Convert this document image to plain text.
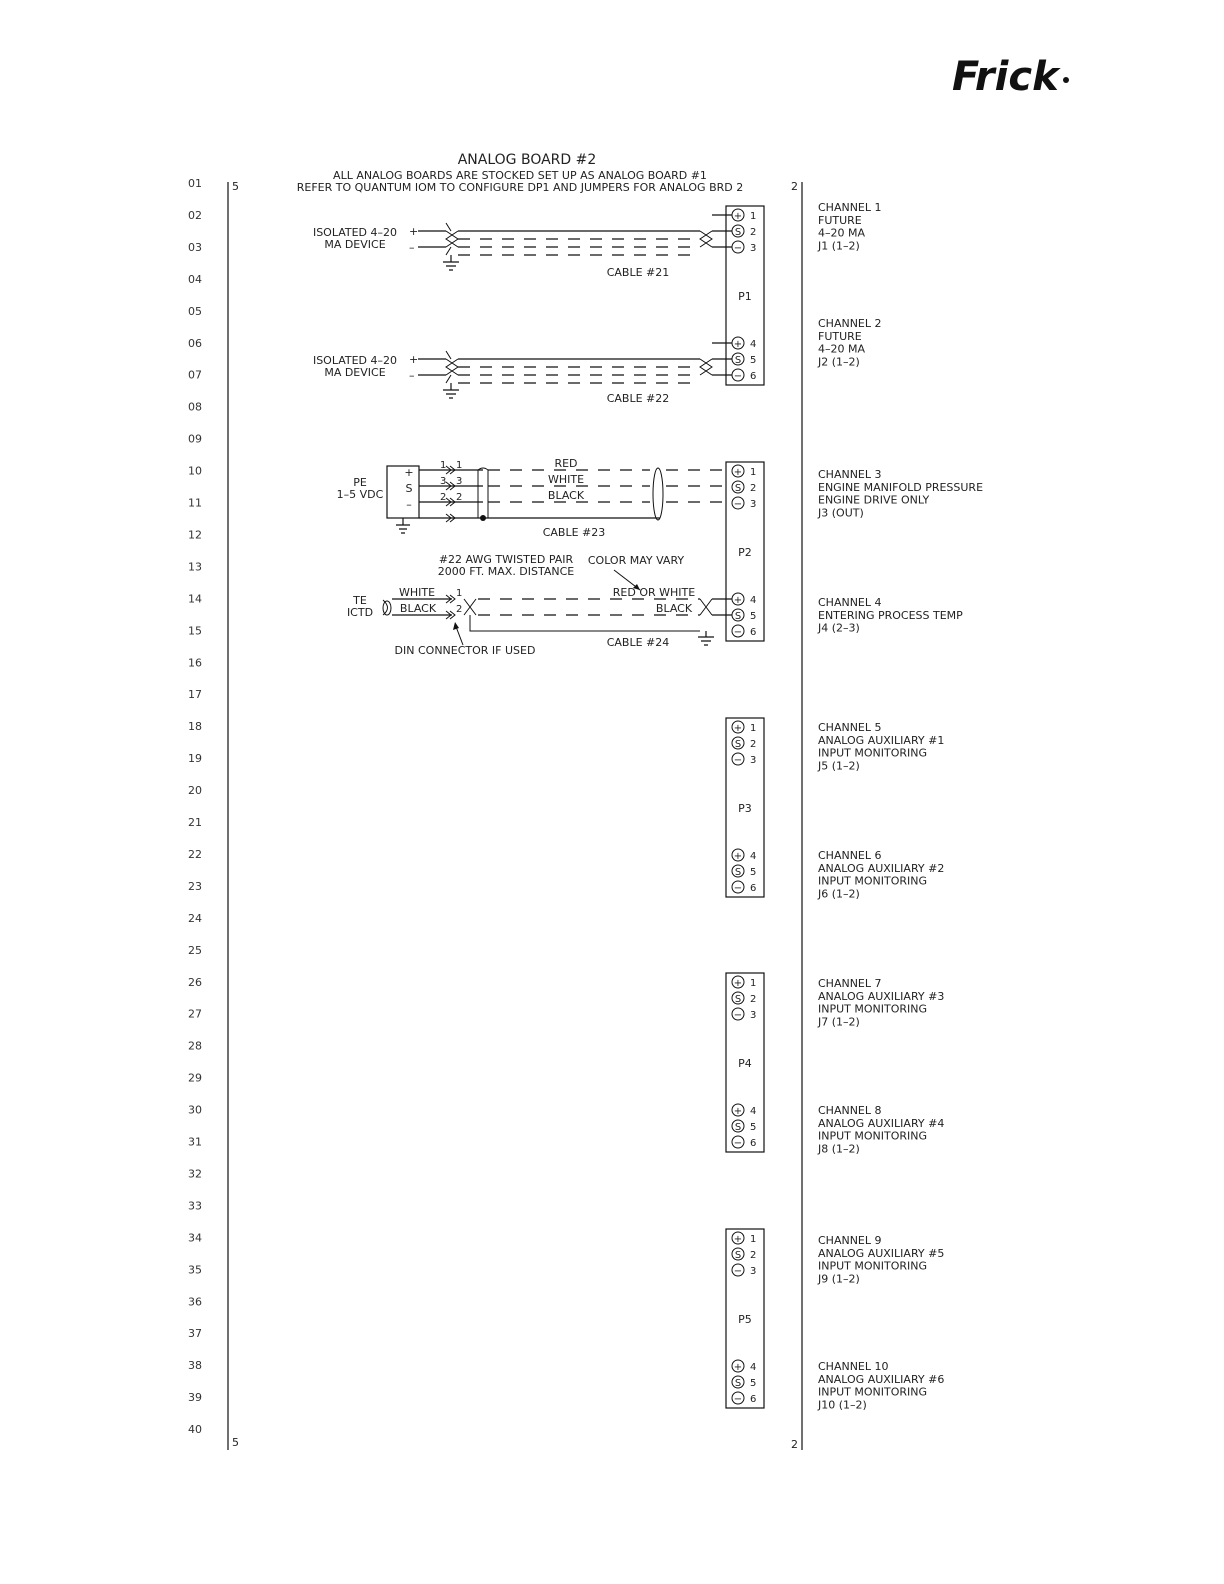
Frick
ANALOG BOARD #2
ALL ANALOG BOARDS ARE STOCKED SET UP AS ANALOG BOARD #1
REFER TO QUANTUM IOM TO CONFIGURE DP1 AND JUMPERS FOR ANALOG BRD 2
5
5
2
2
01
02
03
04
05
06
07
08
09
10
11
12
13
14
15
16
17
18
19
20
21
22
23
24
25
26
27
28
29
30
31
32
33
34
35
36
37
38
39
40
P1
+ 1
S 2
− 3
+ 4
S 5
− 6
P2
+ 1
S 2
− 3
+ 4
S 5
− 6
P3
+ 1
S 2
− 3
+ 4
S 5
− 6
P4
+ 1
S 2
− 3
+ 4
S 5
− 6
P5
+ 1
S 2
− 3
+ 4
S 5
− 6
CHANNEL 1
FUTURE
4–20 MA
J1 (1–2)
CHANNEL 2
FUTURE
4–20 MA
J2 (1–2)
CHANNEL 3
ENGINE MANIFOLD PRESSURE
ENGINE DRIVE ONLY
J3 (OUT)
CHANNEL 4
ENTERING PROCESS TEMP
J4 (2–3)
CHANNEL 5
ANALOG AUXILIARY #1
INPUT MONITORING
J5 (1–2)
CHANNEL 6
ANALOG AUXILIARY #2
INPUT MONITORING
J6 (1–2)
CHANNEL 7
ANALOG AUXILIARY #3
INPUT MONITORING
J7 (1–2)
CHANNEL 8
ANALOG AUXILIARY #4
INPUT MONITORING
J8 (1–2)
CHANNEL 9
ANALOG AUXILIARY #5
INPUT MONITORING
J9 (1–2)
CHANNEL 10
ANALOG AUXILIARY #6
INPUT MONITORING
J10 (1–2)
ISOLATED 4–20
MA DEVICE
+
–
CABLE #21
ISOLATED 4–20
MA DEVICE
+
–
CABLE #22
PE
1–5 VDC
+
S
–
1 1
3 3
2 2
RED
WHITE
BLACK
CABLE #23
#22 AWG TWISTED PAIR
2000 FT. MAX. DISTANCE
COLOR MAY VARY
TE
ICTD
WHITE
BLACK
1
2
RED OR WHITE
BLACK
DIN CONNECTOR IF USED
CABLE #24
